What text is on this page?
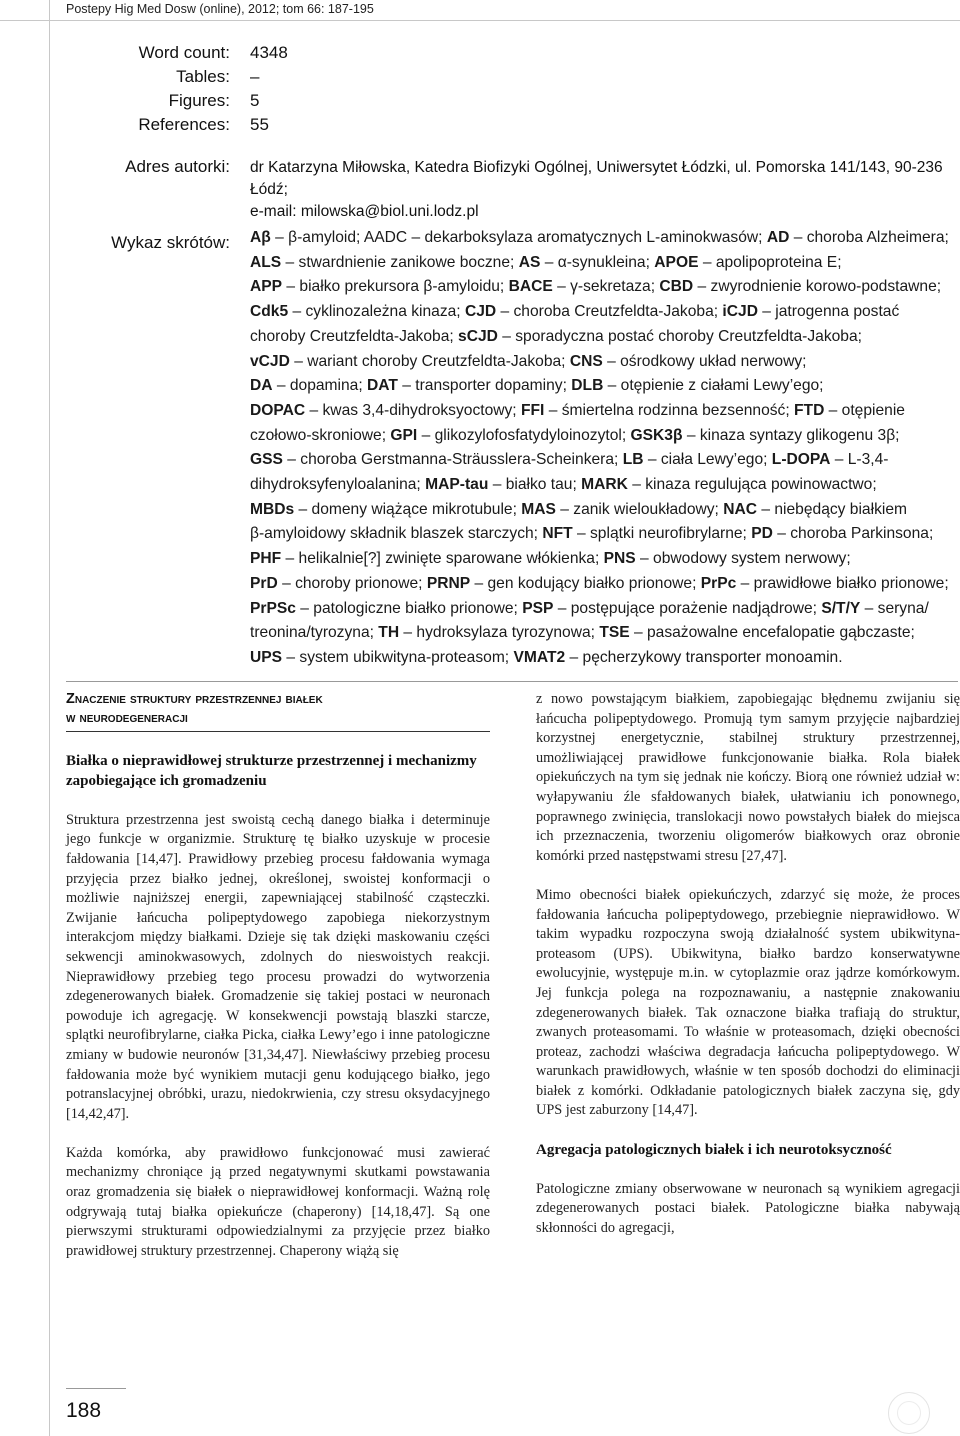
Postepy Hig Med Dosw (online), 2012; tom 66: 187-195
Word count: 4348
Tables: –
Figures: 5
References: 55
Adres autorki: dr Katarzyna Miłowska, Katedra Biofizyki Ogólnej, Uniwersytet Łódzki, ul. Pomorska 141/143, 90-236 Łódź;
e-mail: milowska@biol.uni.lodz.pl
Wykaz skrótów: Aβ – β-amyloid; AADC – dekarboksylaza aromatycznych L-aminokwasów; AD – choroba Alzheimera;
ALS – stwardnienie zanikowe boczne; AS – α-synukleina; APOE – apolipoproteina E;
APP – białko prekursora β-amyloidu; BACE – γ-sekretaza; CBD – zwyrodnienie korowo-podstawne;
Cdk5 – cyklinozależna kinaza; CJD – choroba Creutzfeldta-Jakoba; iCJD – jatrogenna postać
choroby Creutzfeldta-Jakoba; sCJD – sporadyczna postać choroby Creutzfeldta-Jakoba;
vCJD – wariant choroby Creutzfeldta-Jakoba; CNS – ośrodkowy układ nerwowy;
DA – dopamina; DAT – transporter dopaminy; DLB – otępienie z ciałami Lewy’ego;
DOPAC – kwas 3,4-dihydroksyoctowy; FFI – śmiertelna rodzinna bezsenność; FTD – otępienie
czołowo-skroniowe; GPI – glikozylofosfatydyloinozytol; GSK3β – kinaza syntazy glikogenu 3β;
GSS – choroba Gerstmanna-Sträusslera-Scheinkera; LB – ciała Lewy’ego; L-DOPA – L-3,4-
dihydroksyfenyloalanina; MAP-tau – białko tau; MARK – kinaza regulująca powinowactwo;
MBDs – domeny wiążące mikrotubule; MAS – zanik wieloukładowy; NAC – niebędący białkiem
β-amyloidowy składnik blaszek starczych; NFT – splątki neurofibrylarne; PD – choroba Parkinsona;
PHF – helikalnie[?] zwinięte sparowane włókienka; PNS – obwodowy system nerwowy;
PrD – choroby prionowe; PRNP – gen kodujący białko prionowe; PrPc – prawidłowe białko prionowe;
PrPSc – patologiczne białko prionowe; PSP – postępujące porażenie nadjądrowe; S/T/Y – seryna/
treonina/tyrozyna; TH – hydroksylaza tyrozynowa; TSE – pasażowalne encefalopatie gąbczaste;
UPS – system ubikwityna-proteasom; VMAT2 – pęcherzykowy transporter monoamin.
Znaczenie struktury przestrzennej białek
w neurodegeneracji
Białka o nieprawidłowej strukturze przestrzennej i mechanizmy zapobiegające ich gromadzeniu

Struktura przestrzenna jest swoistą cechą danego białka i determinuje jego funkcje w organizmie. Strukturę tę białko uzyskuje w procesie fałdowania [14,47]. Prawidłowy przebieg procesu fałdowania wymaga przyjęcia przez białko jednej, określonej, swoistej konformacji o możliwie najniższej energii, zapewniającej stabilność cząsteczki. Zwijanie łańcucha polipeptydowego zapobiega niekorzystnym interakcjom między białkami. Dzieje się tak dzięki maskowaniu części sekwencji aminokwasowych, zdolnych do nieswoistych reakcji. Nieprawidłowy przebieg tego procesu prowadzi do wytworzenia zdegenerowanych białek. Gromadzenie się takiej postaci w neuronach powoduje ich agregację. W konsekwencji powstają blaszki starcze, splątki neurofibrylarne, ciałka Picka, ciałka Lewy’ego i inne patologiczne zmiany w budowie neuronów [31,34,47]. Niewłaściwy przebieg procesu fałdowania może być wynikiem mutacji genu kodującego białko, jego potranslacyjnej obróbki, urazu, niedokrwienia, czy stresu oksydacyjnego [14,42,47].

Każda komórka, aby prawidłowo funkcjonować musi zawierać mechanizmy chroniące ją przed negatywnymi skutkami powstawania oraz gromadzenia się białek o nieprawidłowej konformacji. Ważną rolę odgrywają tutaj białka opiekuńcze (chaperony) [14,18,47]. Są one pierwszymi strukturami odpowiedzialnymi za przyjęcie przez białko prawidłowej struktury przestrzennej. Chaperony wiążą się

z nowo powstającym białkiem, zapobiegając błędnemu zwijaniu się łańcucha polipeptydowego. Promują tym samym przyjęcie najbardziej korzystnej energetycznie, stabilnej struktury przestrzennej, umożliwiającej prawidłowe funkcjonowanie białka. Rola białek opiekuńczych na tym się jednak nie kończy. Biorą one również udział w: wyłapywaniu źle sfałdowanych białek, ułatwianiu ich ponownego, poprawnego zwinięcia, translokacji nowo powstałych białek do miejsca ich przeznaczenia, tworzeniu oligomerów białkowych oraz obronie komórki przed następstwami stresu [27,47].

Mimo obecności białek opiekuńczych, zdarzyć się może, że proces fałdowania łańcucha polipeptydowego, przebiegnie nieprawidłowo. W takim wypadku rozpoczyna swoją działalność system ubikwityna-proteasom (UPS). Ubikwityna, białko bardzo konserwatywne ewolucyjnie, występuje m.in. w cytoplazmie oraz jądrze komórkowym. Jej funkcja polega na rozpoznawaniu, a następnie znakowaniu zdegenerowanych białek. Tak oznaczone białka trafiają do struktur, zwanych proteasomami. To właśnie w proteasomach, dzięki obecności proteaz, zachodzi właściwa degradacja łańcucha polipeptydowego. W warunkach prawidłowych, właśnie w ten sposób dochodzi do eliminacji białek z komórki. Odkładanie patologicznych białek zaczyna się, gdy UPS jest zaburzony [14,47].

Agregacja patologicznych białek i ich neurotoksyczność

Patologiczne zmiany obserwowane w neuronach są wynikiem agregacji zdegenerowanych postaci białek. Patologiczne białka nabywają skłonności do agregacji,

188
